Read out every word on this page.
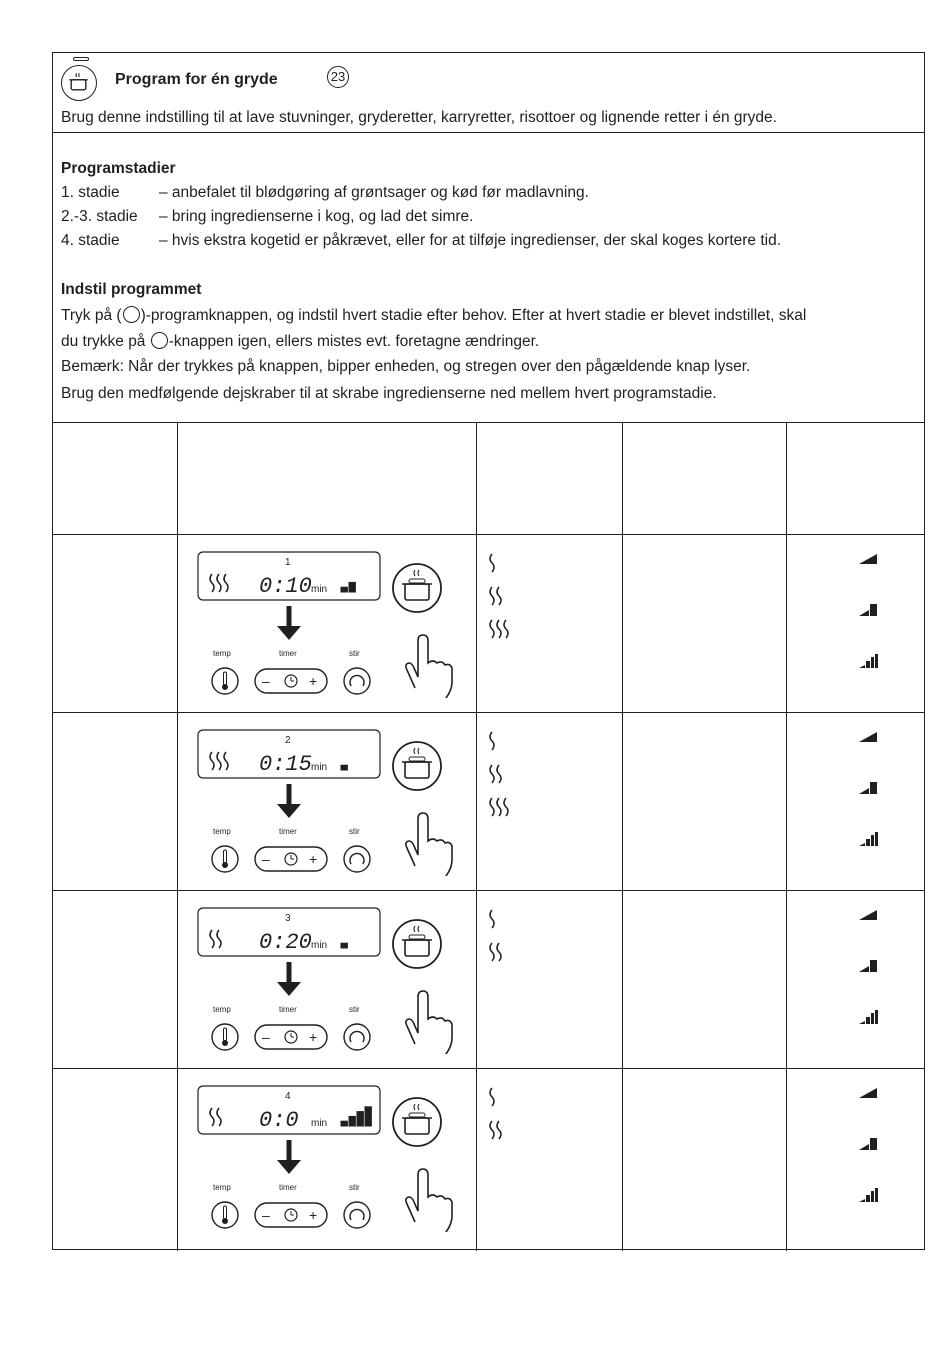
Program for én gryde	23
Brug denne indstilling til at lave stuvninger, gryderetter, karryretter, risottoer og lignende retter i én gryde.
Programstadier
1. stadie	– anbefalet til blødgøring af grøntsager og kød før madlavning.
2.-3. stadie – bring ingredienserne i kog, og lad det simre.
4. stadie	– hvis ekstra kogetid er påkrævet, eller for at tilføje ingredienser, der skal koges kortere tid.
Indstil programmet
Tryk på ( )-programknappen, og indstil hvert stadie efter behov. Efter at hvert stadie er blevet indstillet, skal
du trykke på -knappen igen, ellers mistes evt. foretagne ændringer.
Bemærk: Når der trykkes på knappen, bipper enheden, og stregen over den pågældende knap lyser.
Brug den medfølgende dejskraber til at skrabe ingredienserne ned mellem hvert programstadie.
1
0:10 min
temp	timer	stir
–	+
2
0:15 min
temp	timer	stir
–	+
3
0:20 min
temp	timer	stir
–	+
4
0:0 min
temp	timer	stir
–	+
